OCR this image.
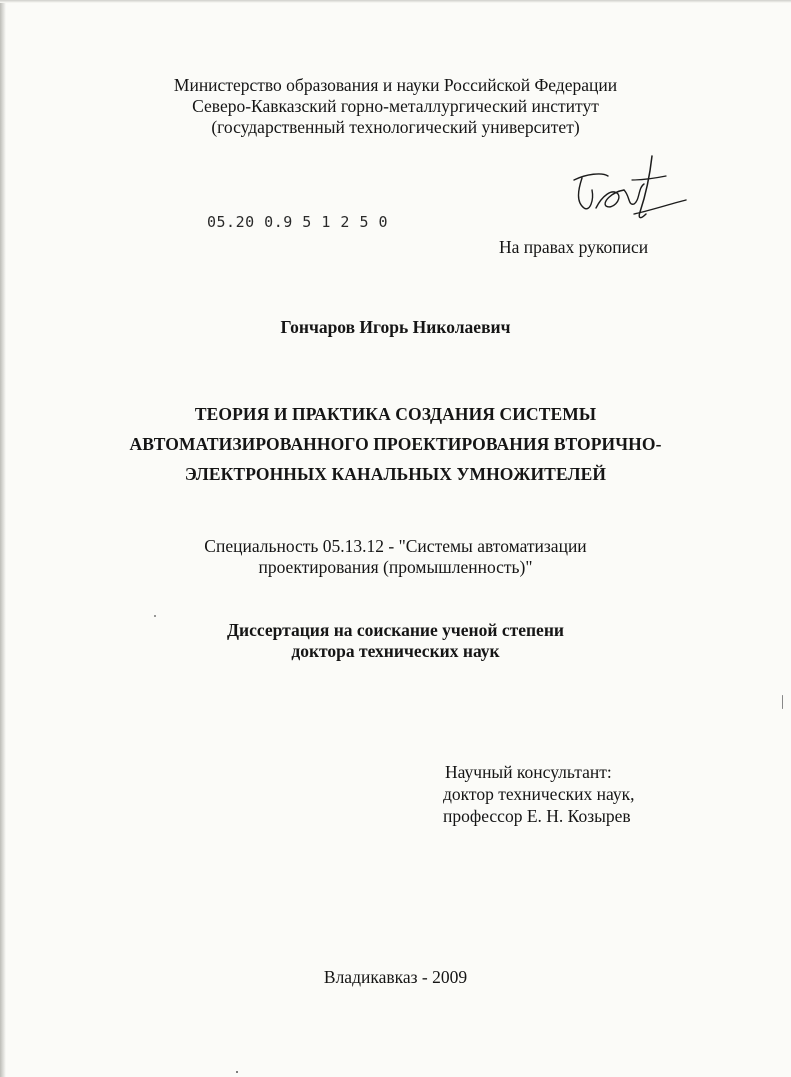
Министерство образования и науки Российской Федерации
Северо-Кавказский горно-металлургический институт
(государственный технологический университет)
05.20 0.9 5 1 2 5 0
На правах рукописи
Гончаров Игорь Николаевич
ТЕОРИЯ И ПРАКТИКА СОЗДАНИЯ СИСТЕМЫ
АВТОМАТИЗИРОВАННОГО ПРОЕКТИРОВАНИЯ ВТОРИЧНО-
ЭЛЕКТРОННЫХ КАНАЛЬНЫХ УМНОЖИТЕЛЕЙ
Специальность 05.13.12 - "Системы автоматизации
проектирования (промышленность)"
Диссертация на соискание ученой степени
доктора технических наук
Научный консультант:
доктор технических наук,
профессор Е. Н. Козырев
Владикавказ - 2009
